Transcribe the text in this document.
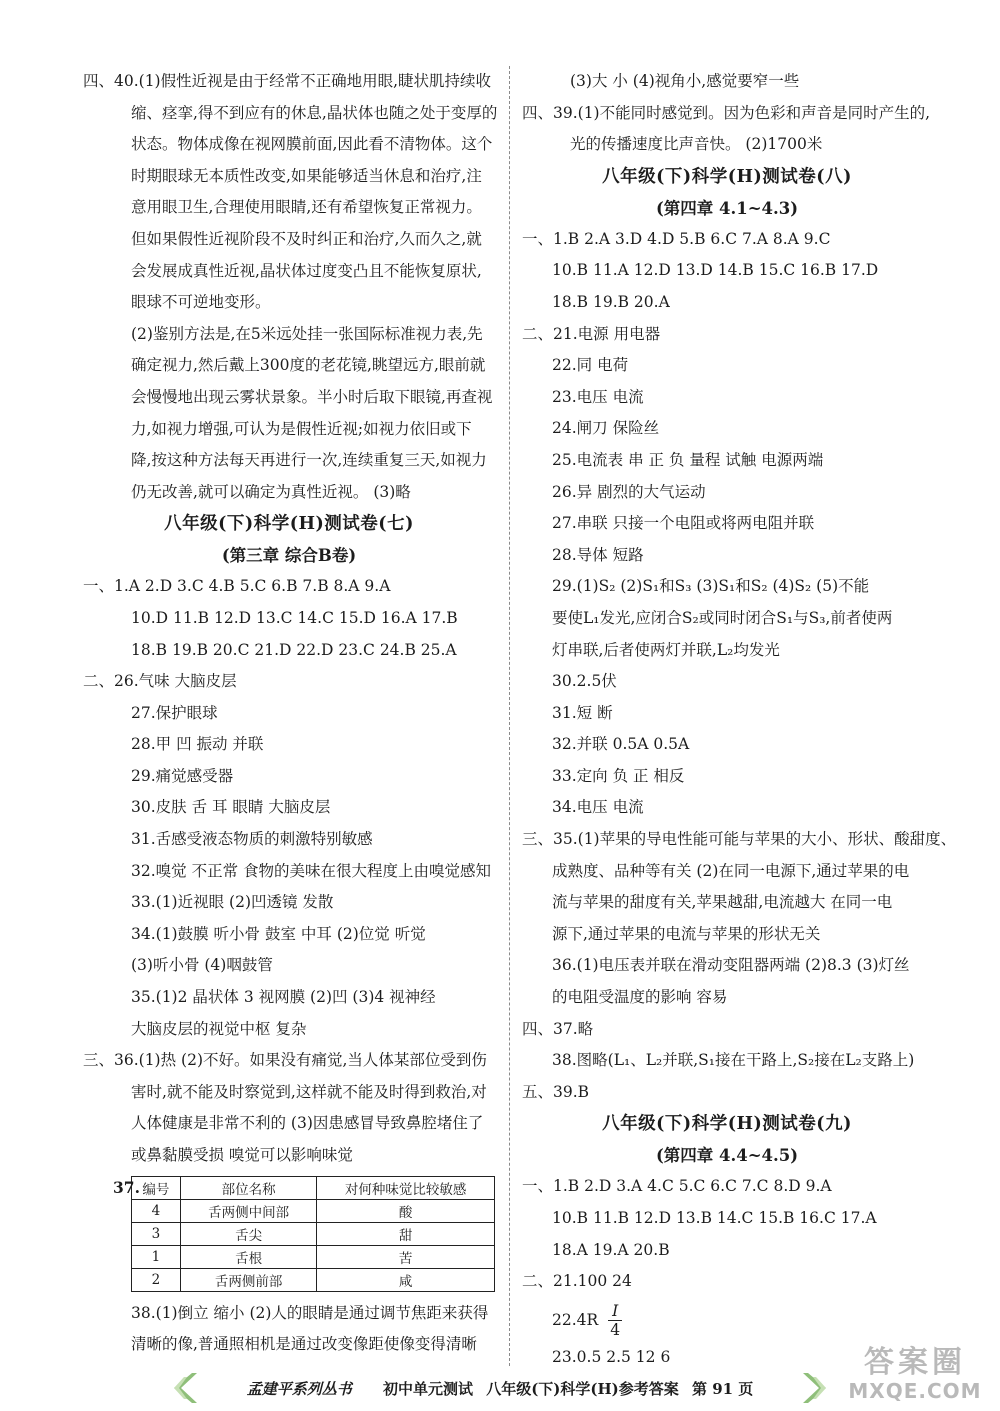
四、40.(1)假性近视是由于经常不正确地用眼,睫状肌持续收
缩、痉挛,得不到应有的休息,晶状体也随之处于变厚的
状态。物体成像在视网膜前面,因此看不清物体。这个
时期眼球无本质性改变,如果能够适当休息和治疗,注
意用眼卫生,合理使用眼睛,还有希望恢复正常视力。
但如果假性近视阶段不及时纠正和治疗,久而久之,就
会发展成真性近视,晶状体过度变凸且不能恢复原状,
眼球不可逆地变形。
(2)鉴别方法是,在5米远处挂一张国际标准视力表,先
确定视力,然后戴上300度的老花镜,眺望远方,眼前就
会慢慢地出现云雾状景象。半小时后取下眼镜,再查视
力,如视力增强,可认为是假性近视;如视力依旧或下
降,按这种方法每天再进行一次,连续重复三天,如视力
仍无改善,就可以确定为真性近视。 (3)略
八年级(下)科学(H)测试卷(七)
(第三章 综合B卷)
一、1.A 2.D 3.C 4.B 5.C 6.B 7.B 8.A 9.A
10.D 11.B 12.D 13.C 14.C 15.D 16.A 17.B
18.B 19.B 20.C 21.D 22.D 23.C 24.B 25.A
二、26.气味 大脑皮层
27.保护眼球
28.甲 凹 振动 并联
29.痛觉感受器
30.皮肤 舌 耳 眼睛 大脑皮层
31.舌感受液态物质的刺激特别敏感
32.嗅觉 不正常 食物的美味在很大程度上由嗅觉感知
33.(1)近视眼 (2)凹透镜 发散
34.(1)鼓膜 听小骨 鼓室 中耳 (2)位觉 听觉
(3)听小骨 (4)咽鼓管
35.(1)2 晶状体 3 视网膜 (2)凹 (3)4 视神经
大脑皮层的视觉中枢 复杂
三、36.(1)热 (2)不好。如果没有痛觉,当人体某部位受到伤
害时,就不能及时察觉到,这样就不能及时得到救治,对
人体健康是非常不利的 (3)因患感冒导致鼻腔堵住了
或鼻黏膜受损 嗅觉可以影响味觉
37. 编号	部位名称	对何种味觉比较敏感
4	舌两侧中间部	酸
3	舌尖	甜
1	舌根	苦
2	舌两侧前部	咸
38.(1)倒立 缩小 (2)人的眼睛是通过调节焦距来获得
清晰的像,普通照相机是通过改变像距使像变得清晰
(3)大 小 (4)视角小,感觉要窄一些
四、39.(1)不能同时感觉到。因为色彩和声音是同时产生的,
光的传播速度比声音快。 (2)1700米
八年级(下)科学(H)测试卷(八)
(第四章 4.1~4.3)
一、1.B 2.A 3.D 4.D 5.B 6.C 7.A 8.A 9.C
10.B 11.A 12.D 13.D 14.B 15.C 16.B 17.D
18.B 19.B 20.A
二、21.电源 用电器
22.同 电荷
23.电压 电流
24.闸刀 保险丝
25.电流表 串 正 负 量程 试触 电源两端
26.异 剧烈的大气运动
27.串联 只接一个电阻或将两电阻并联
28.导体 短路
29.(1)S₂ (2)S₁和S₃ (3)S₁和S₂ (4)S₂ (5)不能
要使L₁发光,应闭合S₂或同时闭合S₁与S₃,前者使两
灯串联,后者使两灯并联,L₂均发光
30.2.5伏
31.短 断
32.并联 0.5A 0.5A
33.定向 负 正 相反
34.电压 电流
三、35.(1)苹果的导电性能可能与苹果的大小、形状、酸甜度、
成熟度、品种等有关 (2)在同一电源下,通过苹果的电
流与苹果的甜度有关,苹果越甜,电流越大 在同一电
源下,通过苹果的电流与苹果的形状无关
36.(1)电压表并联在滑动变阻器两端 (2)8.3 (3)灯丝
的电阻受温度的影响 容易
四、37.略
38.图略(L₁、L₂并联,S₁接在干路上,S₂接在L₂支路上)
五、39.B
八年级(下)科学(H)测试卷(九)
(第四章 4.4~4.5)
一、1.B 2.D 3.A 4.C 5.C 6.C 7.C 8.D 9.A
10.B 11.B 12.D 13.B 14.C 15.B 16.C 17.A
18.A 19.A 20.B
二、21.100 24
$22.4R \frac{I}{4}$
23.0.5 2.5 12 6
孟建平系列丛书 初中单元测试 八年级(下)科学(H)参考答案 第 91 页
答案圈
MXQE.COM
